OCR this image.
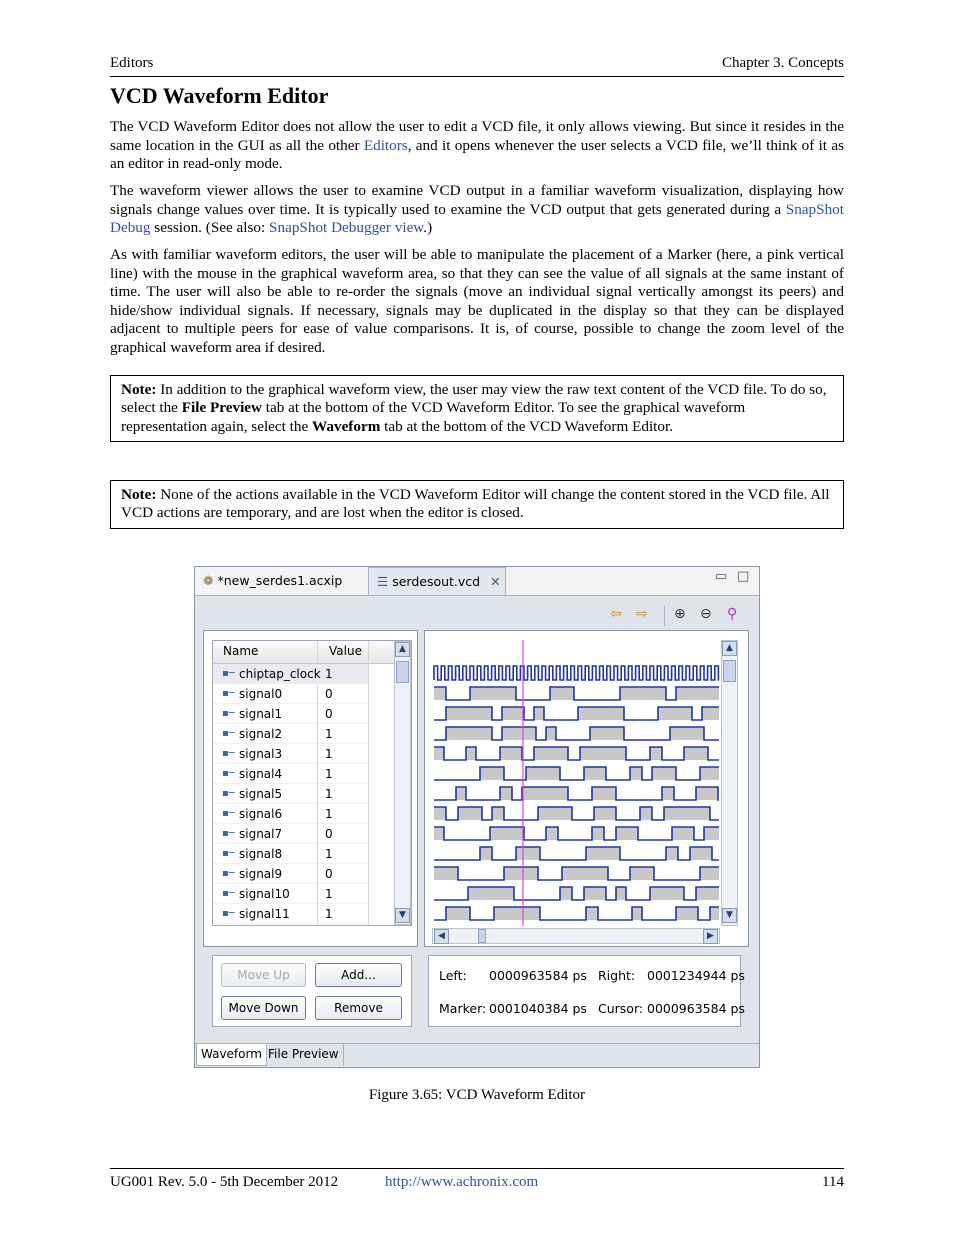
Editors	Chapter 3. Concepts
VCD Waveform Editor

The VCD Waveform Editor does not allow the user to edit a VCD file, it only allows viewing. But since it resides in the same location in the GUI as all the other Editors, and it opens whenever the user selects a VCD file, we’ll think of it as an editor in read-only mode.

The waveform viewer allows the user to examine VCD output in a familiar waveform visualization, displaying how signals change values over time. It is typically used to examine the VCD output that gets generated during a SnapShot Debug session. (See also: SnapShot Debugger view.)

As with familiar waveform editors, the user will be able to manipulate the placement of a Marker (here, a pink vertical line) with the mouse in the graphical waveform area, so that they can see the value of all signals at the same instant of time. The user will also be able to re-order the signals (move an individual signal vertically amongst its peers) and hide/show individual signals. If necessary, signals may be duplicated in the display so that they can be displayed adjacent to multiple peers for ease of value comparisons. It is, of course, possible to change the zoom level of the graphical waveform area if desired.

Note: In addition to the graphical waveform view, the user may view the raw text content of the VCD file. To do so, select the File Preview tab at the bottom of the VCD Waveform Editor. To see the graphical waveform representation again, select the Waveform tab at the bottom of the VCD Waveform Editor.
Note: None of the actions available in the VCD Waveform Editor will change the content stored in the VCD file. All VCD actions are temporary, and are lost when the editor is closed.
❁ *new_serdes1.acxip	☰ serdesout.vcd ✕	▭ □
⇦ ⇨ ⊕ ⊖ ⚲
Name	Value
▪─ chiptap_clock 1
▪─ signal0	0
▪─ signal1	0
▪─ signal2	1
▪─ signal3	1
▪─ signal4	1
▪─ signal5	1
▪─ signal6	1
▪─ signal7	0
▪─ signal8	1
▪─ signal9	0
▪─ signal10	1
▪─ signal11	1
▲
▼
Move Up	Add...
Move Down	Remove
▲
▼
◀	▶
Left: 0000963584 ps Right: 0001234944 ps
Marker: 0001040384 ps Cursor: 0000963584 ps
Waveform File Preview
Figure 3.65: VCD Waveform Editor
UG001 Rev. 5.0 - 5th December 2012	http://www.achronix.com	114
